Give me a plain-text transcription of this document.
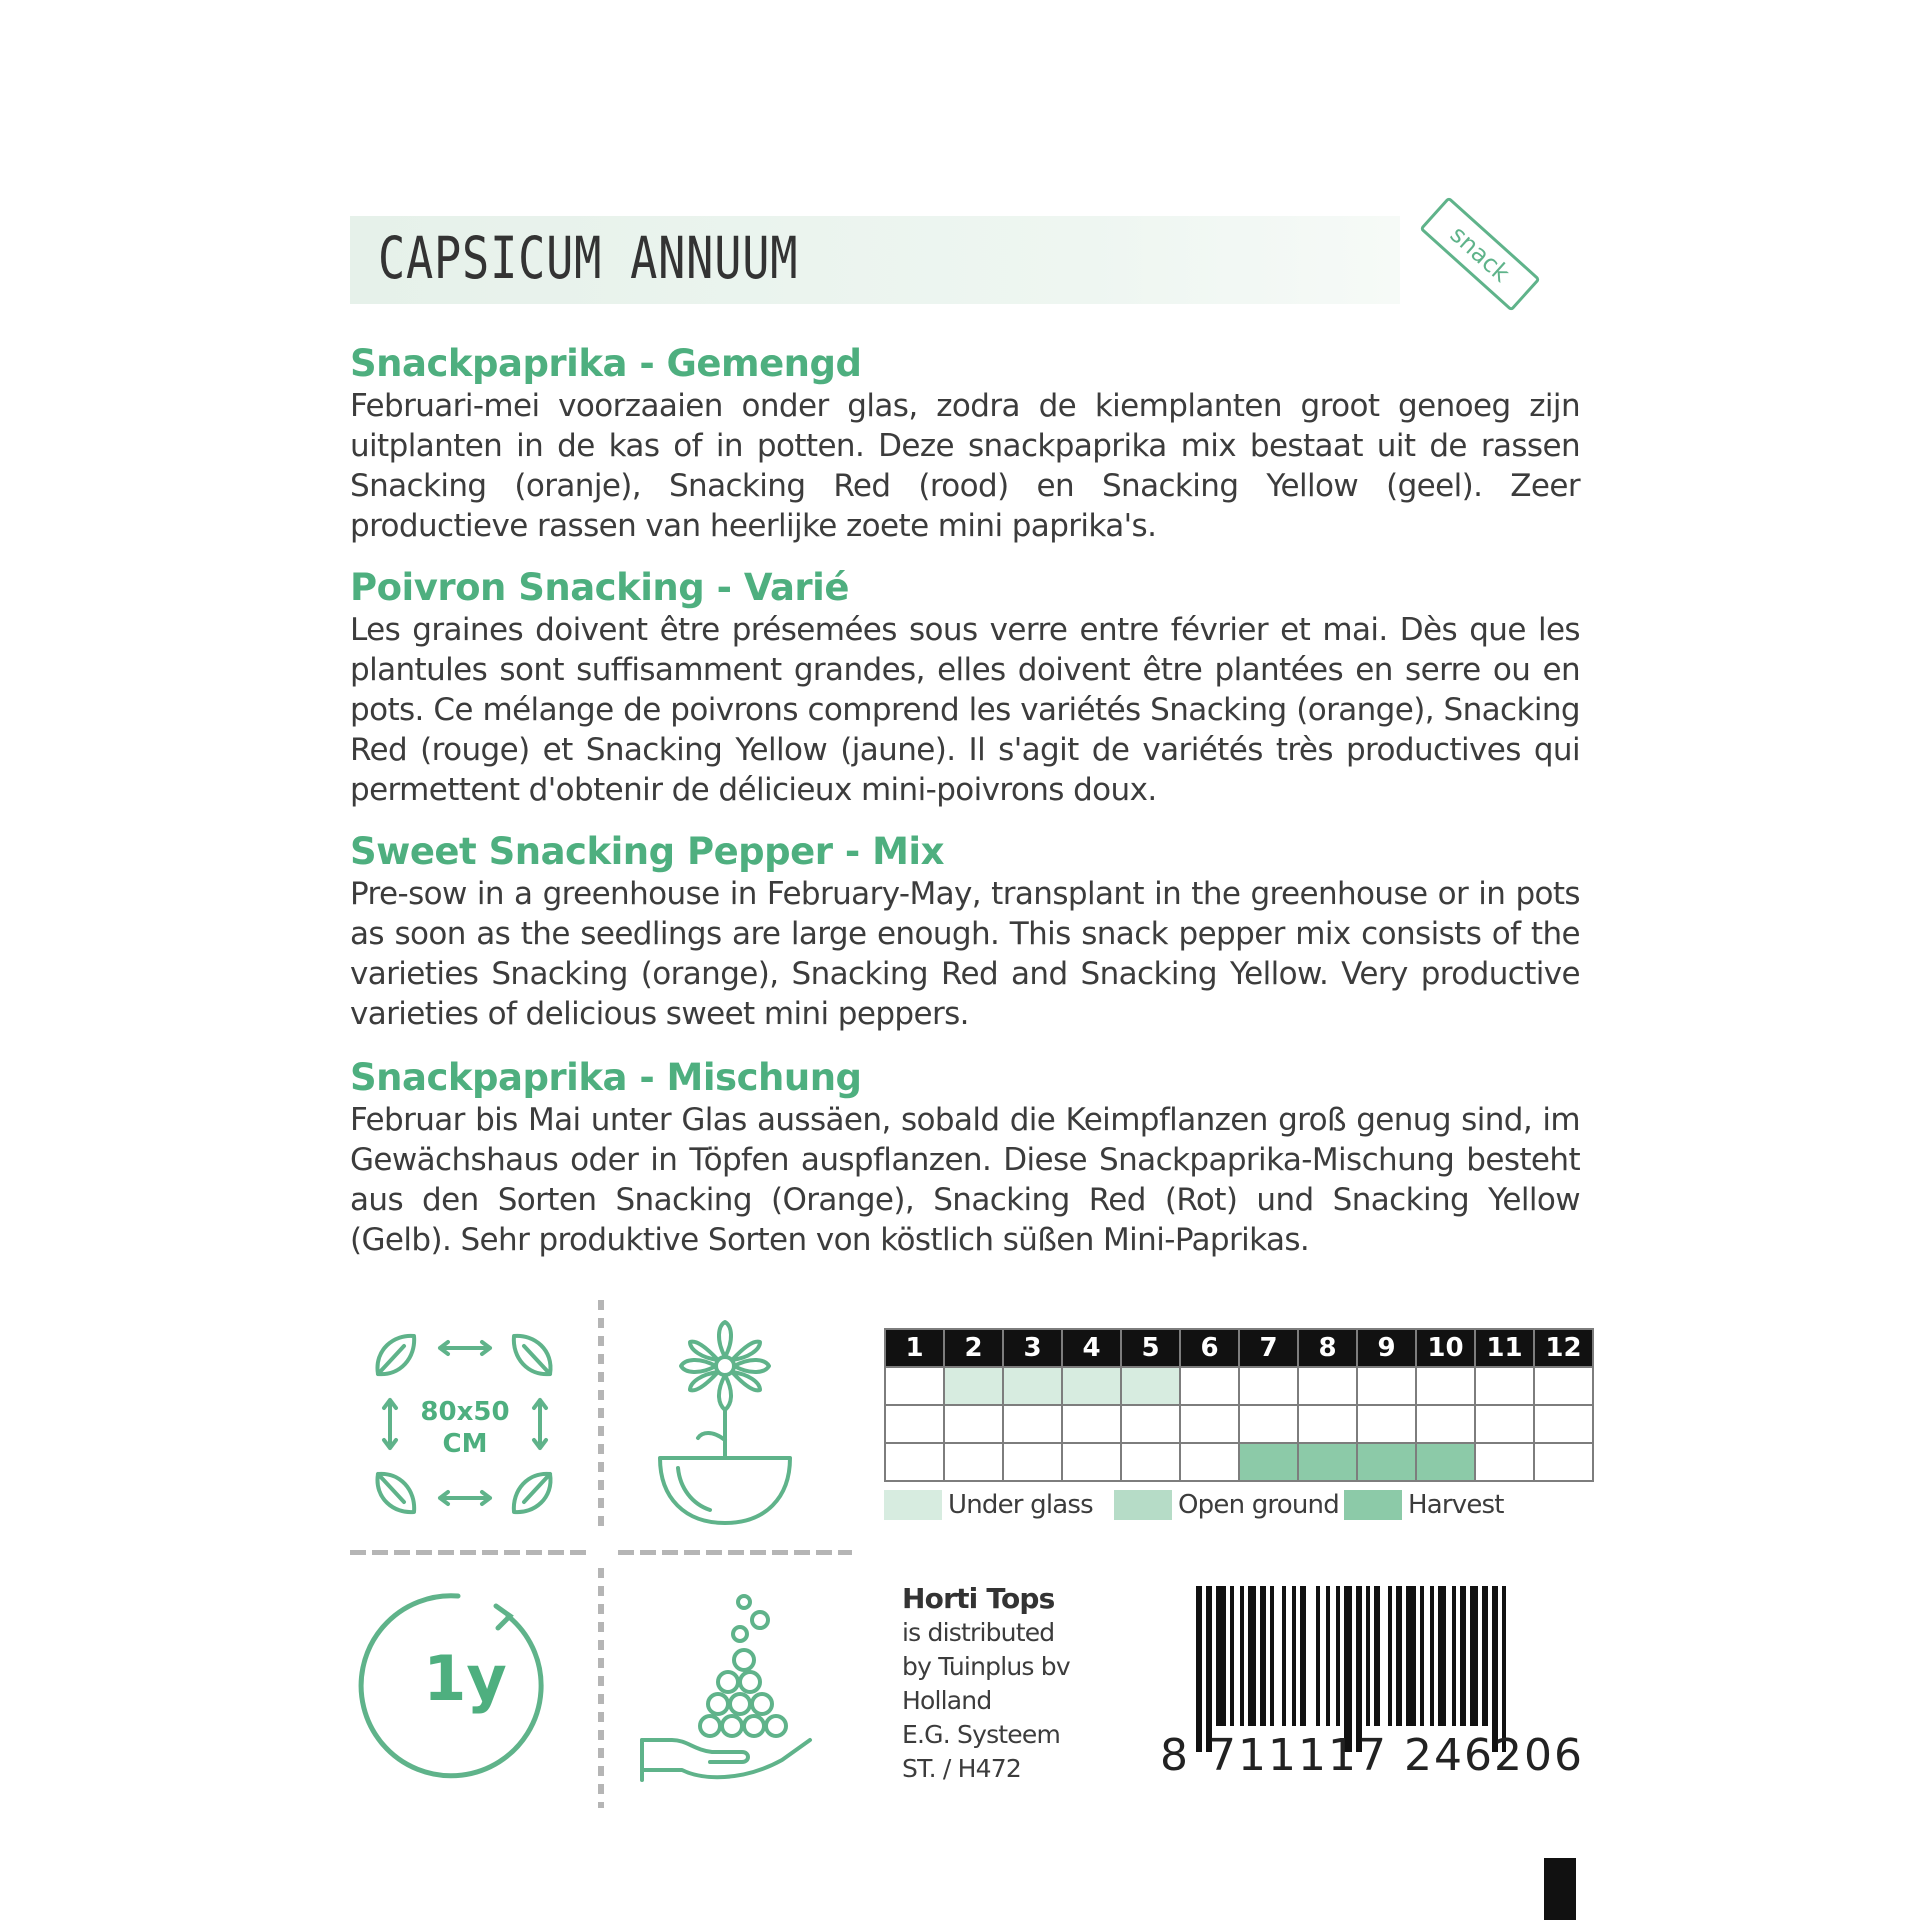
CAPSICUM ANNUUM	snack
Snackpaprika - Gemengd

Februari-mei voorzaaien onder glas, zodra de kiemplanten groot genoeg zijn uitplanten in de kas of in potten. Deze snackpaprika mix bestaat uit de rassen Snacking (oranje), Snacking Red (rood) en Snacking Yellow (geel). Zeer productieve rassen van heerlijke zoete mini paprika's.

Poivron Snacking - Varié

Les graines doivent être présemées sous verre entre février et mai. Dès que les plantules sont suffisamment grandes, elles doivent être plantées en serre ou en pots. Ce mélange de poivrons comprend les variétés Snacking (orange), Snacking Red (rouge) et Snacking Yellow (jaune). Il s'agit de variétés très productives qui permettent d'obtenir de délicieux mini-poivrons doux.

Sweet Snacking Pepper - Mix

Pre-sow in a greenhouse in February-May, transplant in the greenhouse or in pots as soon as the seedlings are large enough. This snack pepper mix consists of the varieties Snacking (orange), Snacking Red and Snacking Yellow. Very productive varieties of delicious sweet mini peppers.

Snackpaprika - Mischung

Februar bis Mai unter Glas aussäen, sobald die Keimpflanzen groß genug sind, im Gewächshaus oder in Töpfen auspflanzen. Diese Snackpaprika-Mischung besteht aus den Sorten Snacking (Orange), Snacking Red (Rot) und Snacking Yellow (Gelb). Sehr produktive Sorten von köstlich süßen Mini-Paprikas.

80x50
CM
1y
1	2	3	4	5	6	7	8	9	10	11	12

Under glass	Open ground	Harvest
Horti Tops
is distributed
by Tuinplus bv
Holland
E.G. Systeem
ST. / H472	8 711117 246206
